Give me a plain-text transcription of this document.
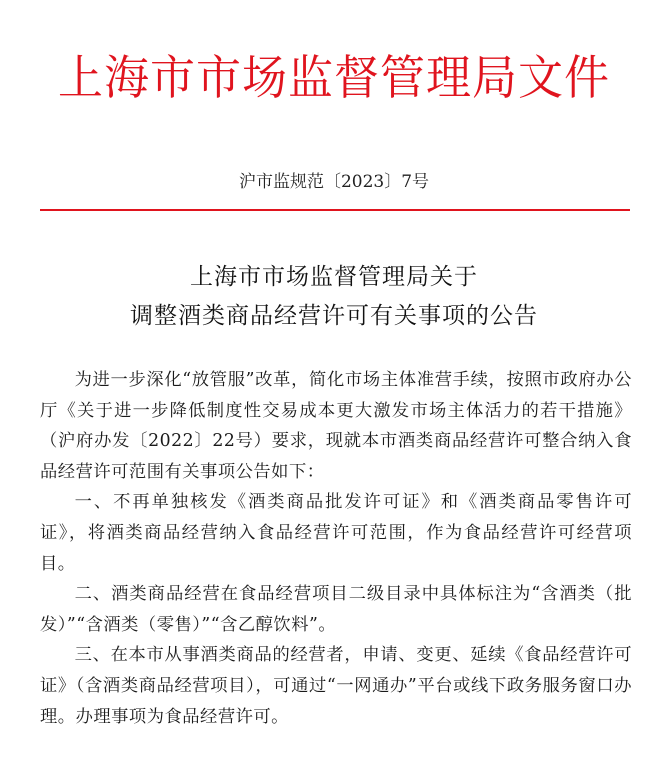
上海市市场监督管理局文件
沪市监规范〔2023〕7号
上海市市场监督管理局关于
调整酒类商品经营许可有关事项的公告

为进一步深化“放管服”改革，简化市场主体准营手续，按照市政府办公厅《关于进一步降低制度性交易成本更大激发市场主体活力的若干措施》（沪府办发〔2022〕22号）要求，现就本市酒类商品经营许可整合纳入食品经营许可范围有关事项公告如下：

一、不再单独核发《酒类商品批发许可证》和《酒类商品零售许可证》，将酒类商品经营纳入食品经营许可范围，作为食品经营许可经营项目。

二、酒类商品经营在食品经营项目二级目录中具体标注为“含酒类（批发）”“含酒类（零售）”“含乙醇饮料”。

三、在本市从事酒类商品的经营者，申请、变更、延续《食品经营许可证》（含酒类商品经营项目），可通过“一网通办”平台或线下政务服务窗口办理。办理事项为食品经营许可。
